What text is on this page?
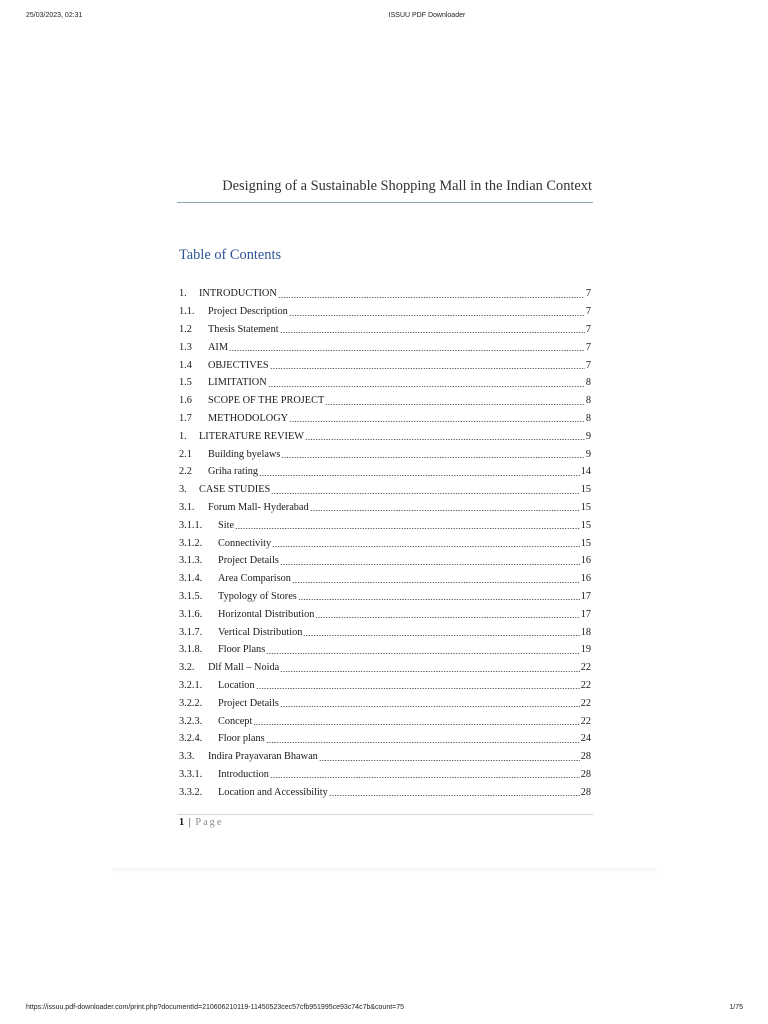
25/03/2023, 02:31	ISSUU PDF Downloader
Designing of a Sustainable Shopping Mall in the Indian Context
Table of Contents
1.	INTRODUCTION	7
1.1.	Project Description	7
1.2	Thesis Statement	7
1.3	AIM	7
1.4	OBJECTIVES	7
1.5	LIMITATION	8
1.6	SCOPE OF THE PROJECT	8
1.7	METHODOLOGY	8
1.	LITERATURE REVIEW	9
2.1	Building byelaws	9
2.2	Griha rating	14
3.	CASE STUDIES	15
3.1.	Forum Mall- Hyderabad	15
3.1.1.	Site	15
3.1.2.	Connectivity	15
3.1.3.	Project Details	16
3.1.4.	Area Comparison	16
3.1.5.	Typology of Stores	17
3.1.6.	Horizontal Distribution	17
3.1.7.	Vertical Distribution	18
3.1.8.	Floor Plans	19
3.2.	Dlf Mall – Noida	22
3.2.1.	Location	22
3.2.2.	Project Details	22
3.2.3.	Concept	22
3.2.4.	Floor plans	24
3.3.	Indira Prayavaran Bhawan	28
3.3.1.	Introduction	28
3.3.2.	Location and Accessibility	28
1 | Page
https://issuu.pdf-downloader.com/print.php?documentId=210606210119-11450523cec57cfb951995ce93c74c7b&count=75	1/75
